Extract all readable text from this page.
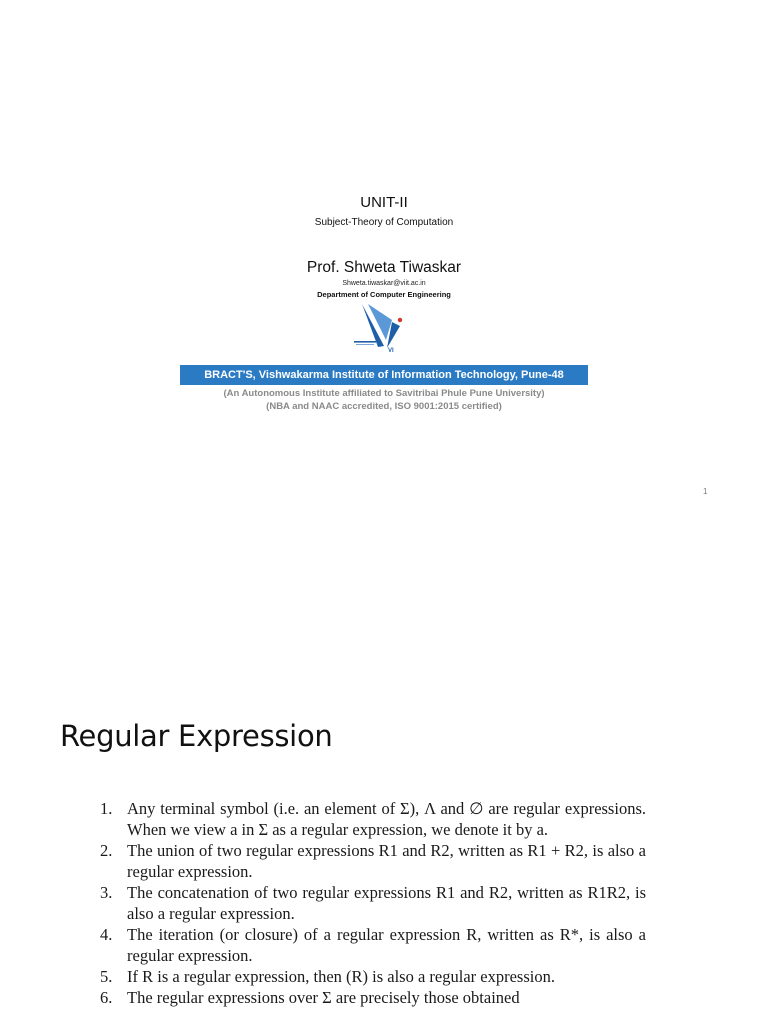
UNIT-II
Subject-Theory of Computation
Prof. Shweta Tiwaskar
Shweta.tiwaskar@viit.ac.in
Department of Computer Engineering
VI
BRACT'S, Vishwakarma Institute of Information Technology, Pune-48
(An Autonomous Institute affiliated to Savitribai Phule Pune University)
(NBA and NAAC accredited, ISO 9001:2015 certified)
1
Regular Expression
1. Any terminal symbol (i.e. an element of Σ), Λ and ∅ are regular expressions. When we view a in Σ as a regular expression, we denote it by a.
2. The union of two regular expressions R1 and R2, written as R1 + R2, is also a regular expression.
3. The concatenation of two regular expressions R1 and R2, written as R1R2, is also a regular expression.
4. The iteration (or closure) of a regular expression R, written as R*, is also a regular expression.
5. If R is a regular expression, then (R) is also a regular expression.
6. The regular expressions over Σ are precisely those obtained
